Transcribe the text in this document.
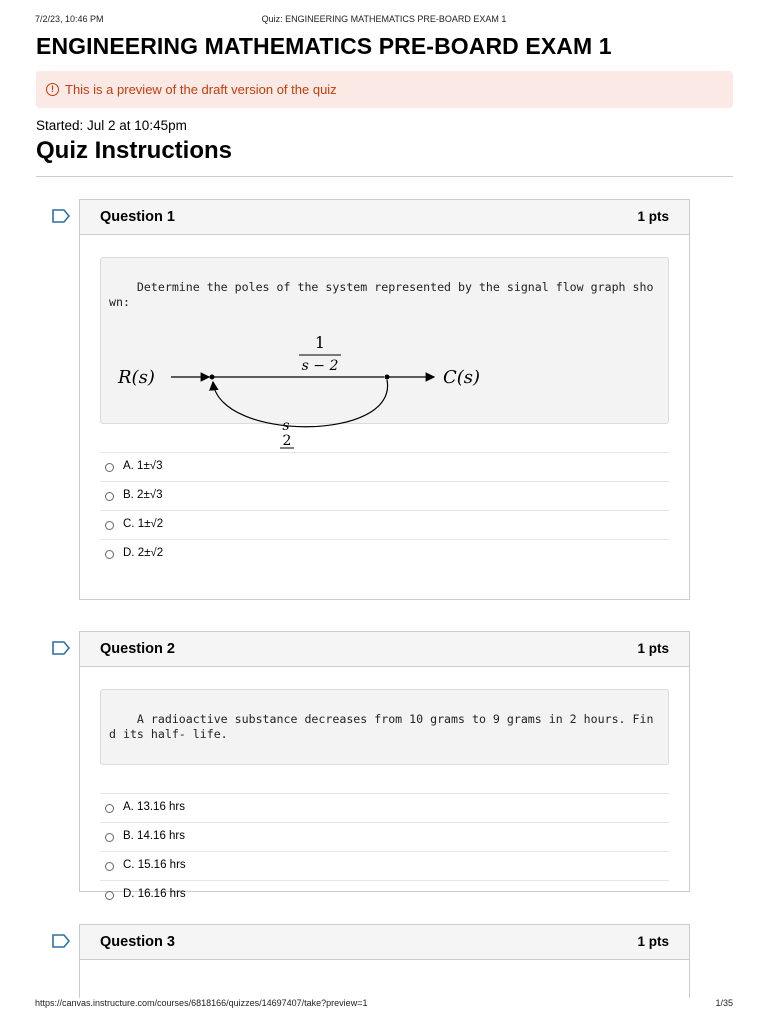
7/2/23, 10:46 PM	Quiz: ENGINEERING MATHEMATICS PRE-BOARD EXAM 1
ENGINEERING MATHEMATICS PRE-BOARD EXAM 1
! This is a preview of the draft version of the quiz
Started: Jul 2 at 10:45pm
Quiz Instructions
Question 1	1 pts

Determine the poles of the system represented by the signal flow graph shown:

R(s)	C(s)
1
s − 2
2

A. 1±√3
B. 2±√3
C. 1±√2
D. 2±√2
s
Question 2	1 pts

A radioactive substance decreases from 10 grams to 9 grams in 2 hours. Find its half- life.

A. 13.16 hrs
B. 14.16 hrs
C. 15.16 hrs
D. 16.16 hrs
Question 3	1 pts
https://canvas.instructure.com/courses/6818166/quizzes/14697407/take?preview=1	1/35
